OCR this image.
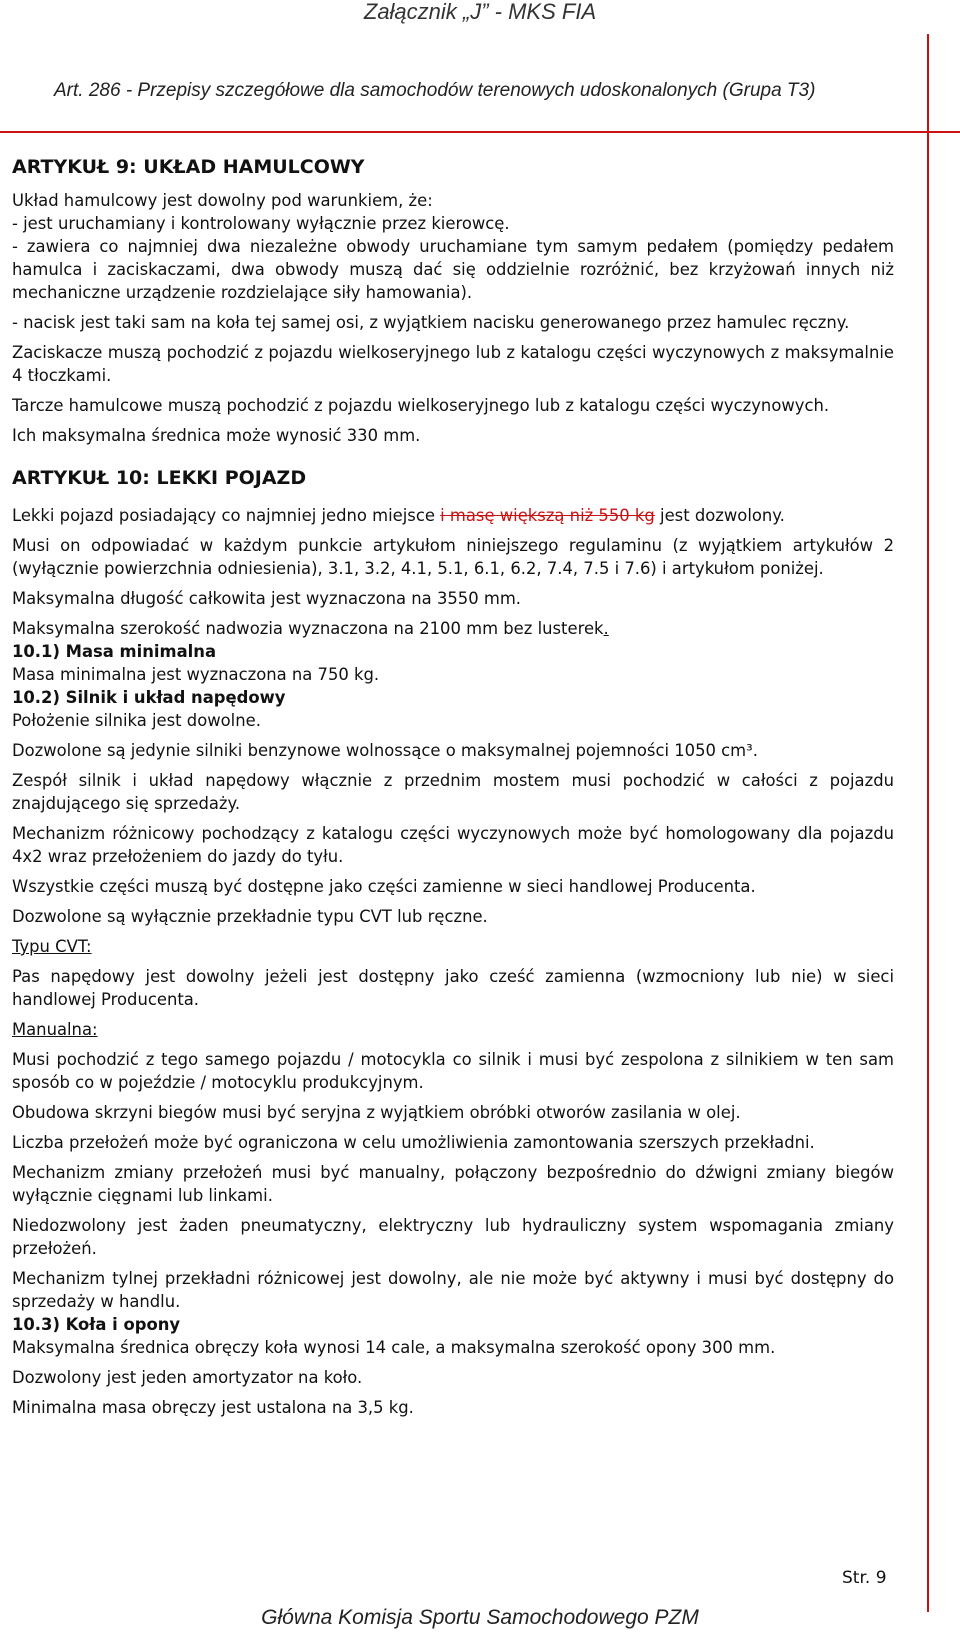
Załącznik „J” - MKS FIA
Art. 286 - Przepisy szczegółowe dla samochodów terenowych udoskonalonych (Grupa T3)
ARTYKUŁ 9: UKŁAD HAMULCOWY

Układ hamulcowy jest dowolny pod warunkiem, że:

- jest uruchamiany i kontrolowany wyłącznie przez kierowcę.

- zawiera co najmniej dwa niezależne obwody uruchamiane tym samym pedałem (pomiędzy pedałem hamulca i zaciskaczami, dwa obwody muszą dać się oddzielnie rozróżnić, bez krzyżowań innych niż mechaniczne urządzenie rozdzielające siły hamowania).

- nacisk jest taki sam na koła tej samej osi, z wyjątkiem nacisku generowanego przez hamulec ręczny.

Zaciskacze muszą pochodzić z pojazdu wielkoseryjnego lub z katalogu części wyczynowych z maksymalnie 4 tłoczkami.

Tarcze hamulcowe muszą pochodzić z pojazdu wielkoseryjnego lub z katalogu części wyczynowych.

Ich maksymalna średnica może wynosić 330 mm.

ARTYKUŁ 10: LEKKI POJAZD

Lekki pojazd posiadający co najmniej jedno miejsce i masę większą niż 550 kg jest dozwolony.

Musi on odpowiadać w każdym punkcie artykułom niniejszego regulaminu (z wyjątkiem artykułów 2 (wyłącznie powierzchnia odniesienia), 3.1, 3.2, 4.1, 5.1, 6.1, 6.2, 7.4, 7.5 i 7.6) i artykułom poniżej.

Maksymalna długość całkowita jest wyznaczona na 3550 mm.

Maksymalna szerokość nadwozia wyznaczona na 2100 mm bez lusterek.

10.1) Masa minimalna

Masa minimalna jest wyznaczona na 750 kg.

10.2) Silnik i układ napędowy

Położenie silnika jest dowolne.

Dozwolone są jedynie silniki benzynowe wolnossące o maksymalnej pojemności 1050 cm³.

Zespół silnik i układ napędowy włącznie z przednim mostem musi pochodzić w całości z pojazdu znajdującego się sprzedaży.

Mechanizm różnicowy pochodzący z katalogu części wyczynowych może być homologowany dla pojazdu 4x2 wraz przełożeniem do jazdy do tyłu.

Wszystkie części muszą być dostępne jako części zamienne w sieci handlowej Producenta.

Dozwolone są wyłącznie przekładnie typu CVT lub ręczne.

Typu CVT:

Pas napędowy jest dowolny jeżeli jest dostępny jako cześć zamienna (wzmocniony lub nie) w sieci handlowej Producenta.

Manualna:

Musi pochodzić z tego samego pojazdu / motocykla co silnik i musi być zespolona z silnikiem w ten sam sposób co w pojeździe / motocyklu produkcyjnym.

Obudowa skrzyni biegów musi być seryjna z wyjątkiem obróbki otworów zasilania w olej.

Liczba przełożeń może być ograniczona w celu umożliwienia zamontowania szerszych przekładni.

Mechanizm zmiany przełożeń musi być manualny, połączony bezpośrednio do dźwigni zmiany biegów wyłącznie cięgnami lub linkami.

Niedozwolony jest żaden pneumatyczny, elektryczny lub hydrauliczny system wspomagania zmiany przełożeń.

Mechanizm tylnej przekładni różnicowej jest dowolny, ale nie może być aktywny i musi być dostępny do sprzedaży w handlu.

10.3) Koła i opony

Maksymalna średnica obręczy koła wynosi 14 cale, a maksymalna szerokość opony 300 mm.

Dozwolony jest jeden amortyzator na koło.

Minimalna masa obręczy jest ustalona na 3,5 kg.

Str. 9
Główna Komisja Sportu Samochodowego PZM
